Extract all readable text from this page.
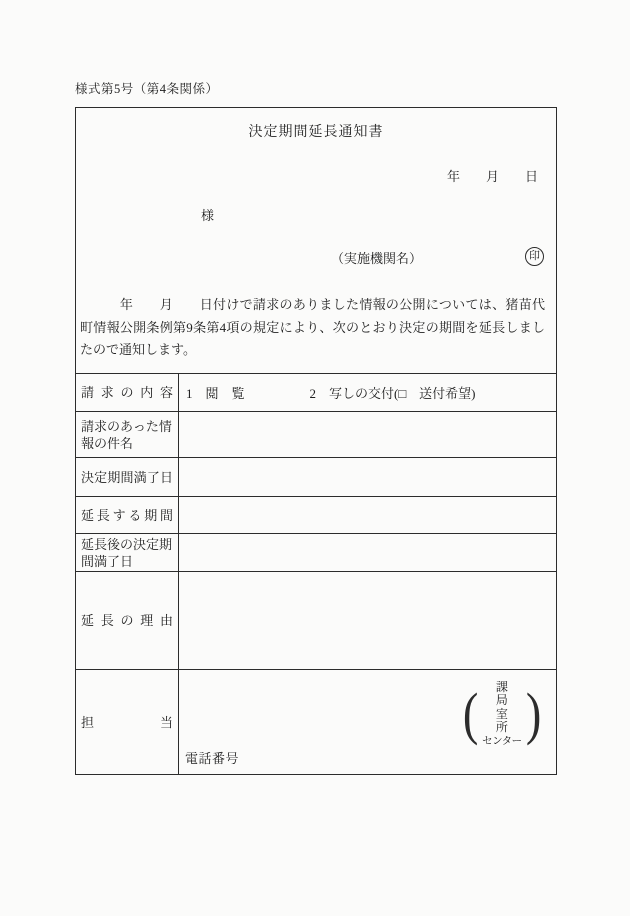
様式第5号（第4条関係）
決定期間延長通知書
年　　月　　日
様
（実施機関名）	印
　　　年　　月　　日付けで請求のありました情報の公開については、猪苗代町情報公開条例第9条第4項の規定により、次のとおり決定の期間を延長しましたので通知します。
請求の内容	1　閲　覧　　　　　2　写しの交付(□　送付希望)
請求のあった情報の件名
決定期間満了日
延長する期間
延長後の決定期間満了日
延長の理由
担当	( 課
局
室
所
センター )
電話番号
